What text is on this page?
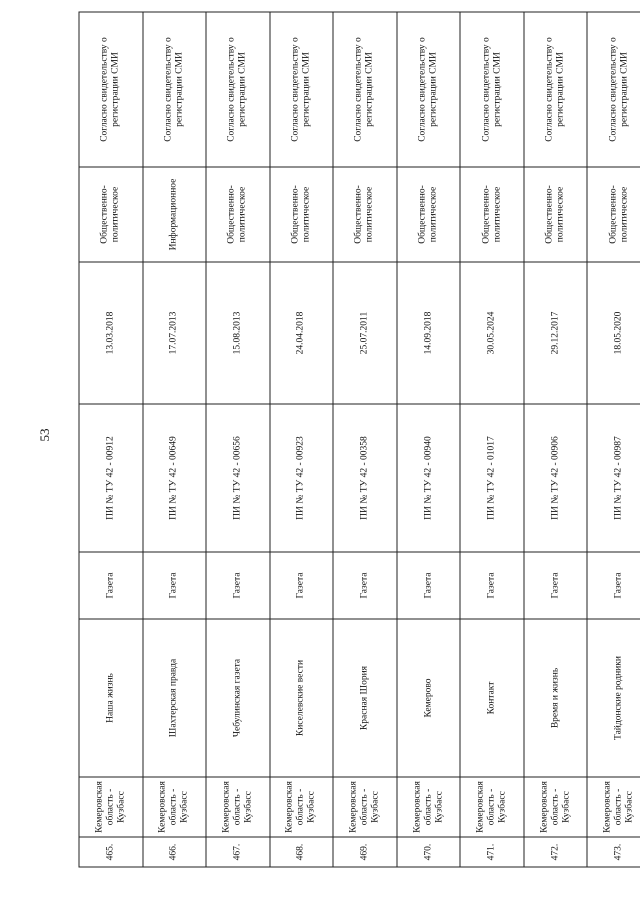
53
465.	Кемеровская область - Кузбасс	Наша жизнь	Газета	ПИ № ТУ 42 - 00912	13.03.2018	Общественно-политическое	Согласно свидетельству о регистрации СМИ
466.	Кемеровская область - Кузбасс	Шахтерская правда	Газета	ПИ № ТУ 42 - 00649	17.07.2013	Информационное	Согласно свидетельству о регистрации СМИ
467.	Кемеровская область - Кузбасс	Чебулинская газета	Газета	ПИ № ТУ 42 - 00656	15.08.2013	Общественно-политическое	Согласно свидетельству о регистрации СМИ
468.	Кемеровская область - Кузбасс	Киселевские вести	Газета	ПИ № ТУ 42 - 00923	24.04.2018	Общественно-политическое	Согласно свидетельству о регистрации СМИ
469.	Кемеровская область - Кузбасс	Красная Шория	Газета	ПИ № ТУ 42 - 00358	25.07.2011	Общественно-политическое	Согласно свидетельству о регистрации СМИ
470.	Кемеровская область - Кузбасс	Кемерово	Газета	ПИ № ТУ 42 - 00940	14.09.2018	Общественно-политическое	Согласно свидетельству о регистрации СМИ
471.	Кемеровская область - Кузбасс	Контакт	Газета	ПИ № ТУ 42 - 01017	30.05.2024	Общественно-политическое	Согласно свидетельству о регистрации СМИ
472.	Кемеровская область - Кузбасс	Время и жизнь	Газета	ПИ № ТУ 42 - 00906	29.12.2017	Общественно-политическое	Согласно свидетельству о регистрации СМИ
473.	Кемеровская область - Кузбасс	Тайдонские родники	Газета	ПИ № ТУ 42 - 00987	18.05.2020	Общественно-политическое	Согласно свидетельству о регистрации СМИ
